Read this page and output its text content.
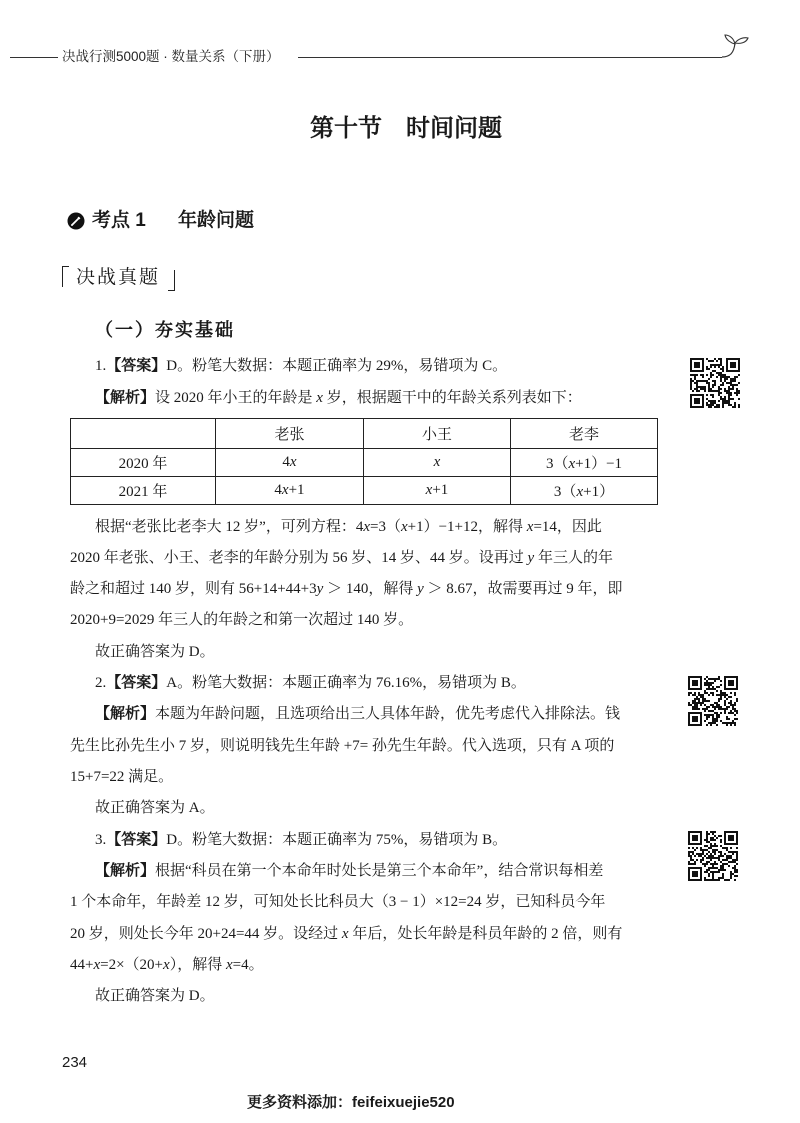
决战行测5000题 · 数量关系（下册）
第十节　时间问题
考点 1 年龄问题
决战真题
（一）夯实基础
1.【答案】D。粉笔大数据：本题正确率为 29%，易错项为 C。
【解析】设 2020 年小王的年龄是 x 岁，根据题干中的年龄关系列表如下：
	老张	小王	老李
2020 年	4x	x	3（x+1）−1
2021 年	4x+1	x+1	3（x+1）
根据“老张比老李大 12 岁”，可列方程：4x=3（x+1）−1+12，解得 x=14，因此
2020 年老张、小王、老李的年龄分别为 56 岁、14 岁、44 岁。设再过 y 年三人的年
龄之和超过 140 岁，则有 56+14+44+3y ＞ 140，解得 y ＞ 8.67，故需要再过 9 年，即
2020+9=2029 年三人的年龄之和第一次超过 140 岁。
故正确答案为 D。
2.【答案】A。粉笔大数据：本题正确率为 76.16%，易错项为 B。
【解析】本题为年龄问题，且选项给出三人具体年龄，优先考虑代入排除法。钱
先生比孙先生小 7 岁，则说明钱先生年龄 +7= 孙先生年龄。代入选项，只有 A 项的
15+7=22 满足。
故正确答案为 A。
3.【答案】D。粉笔大数据：本题正确率为 75%，易错项为 B。
【解析】根据“科员在第一个本命年时处长是第三个本命年”，结合常识每相差
1 个本命年，年龄差 12 岁，可知处长比科员大（3 − 1）×12=24 岁，已知科员今年
20 岁，则处长今年 20+24=44 岁。设经过 x 年后，处长年龄是科员年龄的 2 倍，则有
44+x=2×（20+x），解得 x=4。
故正确答案为 D。
234
更多资料添加：feifeixuejie520
